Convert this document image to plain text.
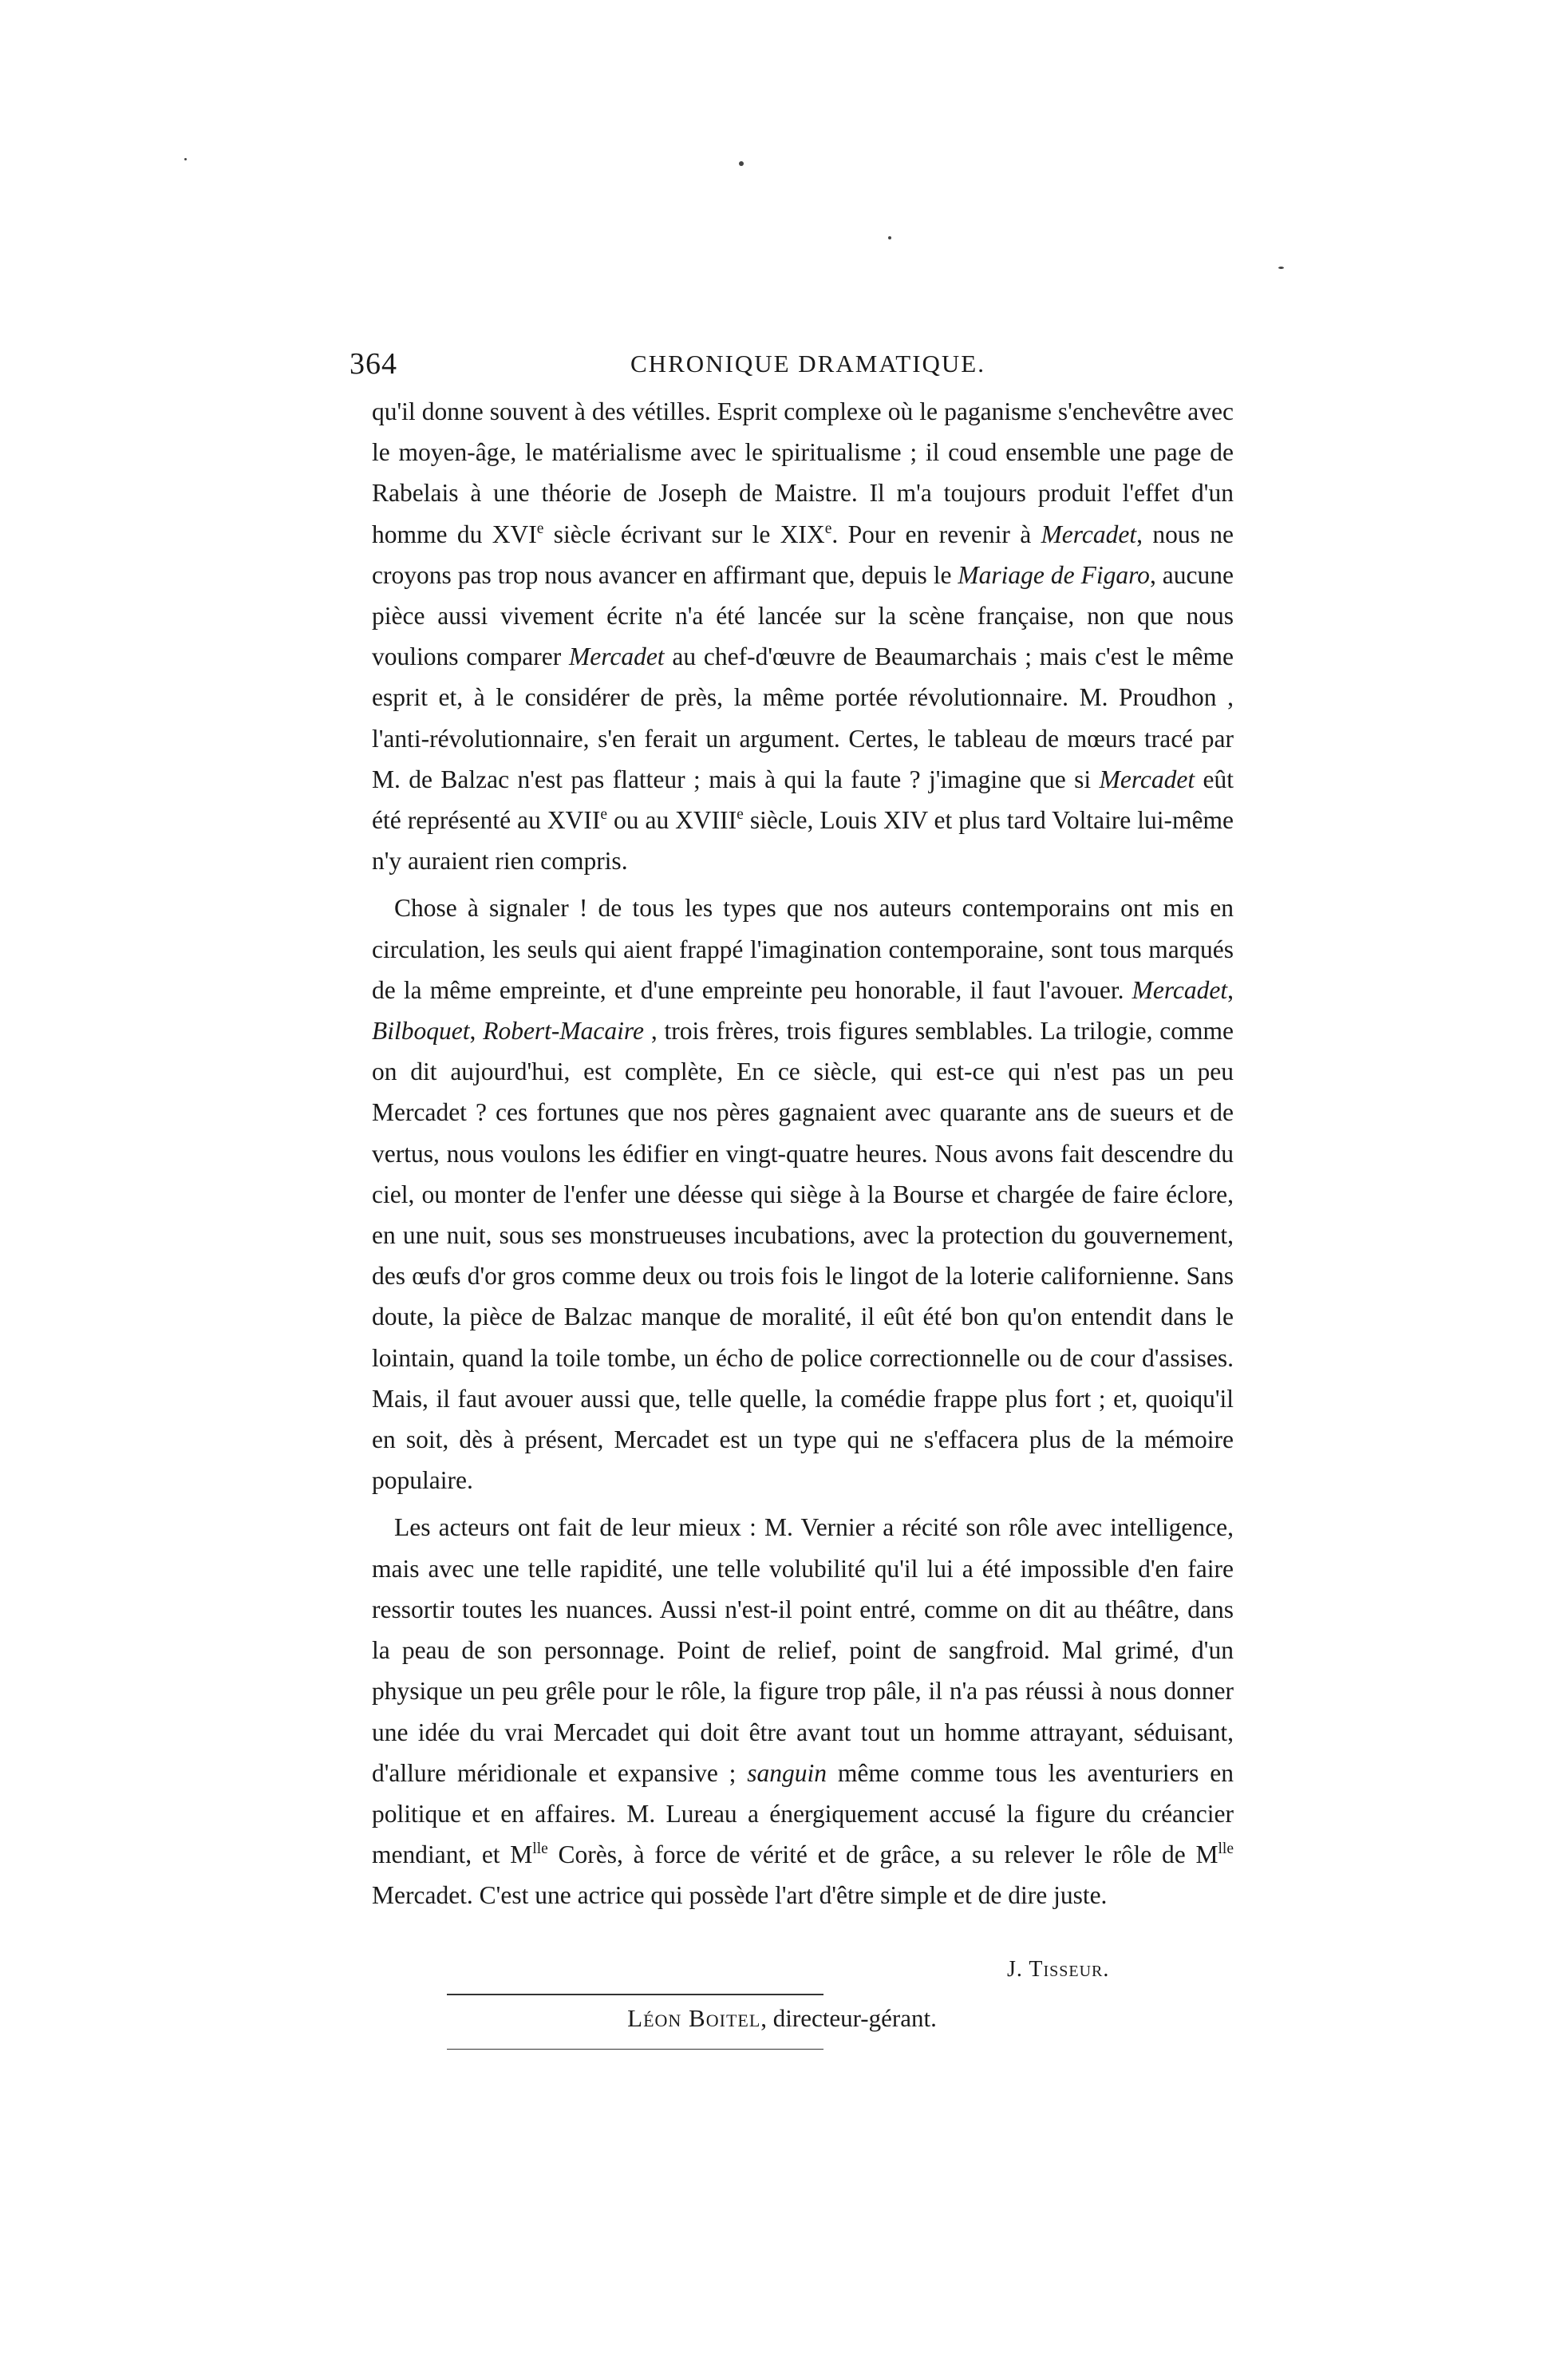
364	CHRONIQUE DRAMATIQUE.

qu'il donne souvent à des vétilles. Esprit complexe où le paganisme s'enchevêtre avec le moyen-âge, le matérialisme avec le spiritualisme ; il coud ensemble une page de Rabelais à une théorie de Joseph de Maistre. Il m'a toujours produit l'effet d'un homme du XVIe siècle écrivant sur le XIXe. Pour en revenir à Mercadet, nous ne croyons pas trop nous avancer en affirmant que, depuis le Mariage de Figaro, aucune pièce aussi vivement écrite n'a été lancée sur la scène française, non que nous voulions comparer Mercadet au chef-d'œuvre de Beaumarchais ; mais c'est le même esprit et, à le considérer de près, la même portée révolutionnaire. M. Proudhon , l'anti-révolutionnaire, s'en ferait un argument. Certes, le tableau de mœurs tracé par M. de Balzac n'est pas flatteur ; mais à qui la faute ? j'imagine que si Mercadet eût été représenté au XVIIe ou au XVIIIe siècle, Louis XIV et plus tard Voltaire lui-même n'y auraient rien compris.

Chose à signaler ! de tous les types que nos auteurs contemporains ont mis en circulation, les seuls qui aient frappé l'imagination contemporaine, sont tous marqués de la même empreinte, et d'une empreinte peu honorable, il faut l'avouer. Mercadet, Bilboquet, Robert-Macaire , trois frères, trois figures semblables. La trilogie, comme on dit aujourd'hui, est complète, En ce siècle, qui est-ce qui n'est pas un peu Mercadet ? ces fortunes que nos pères gagnaient avec quarante ans de sueurs et de vertus, nous voulons les édifier en vingt-quatre heures. Nous avons fait descendre du ciel, ou monter de l'enfer une déesse qui siège à la Bourse et chargée de faire éclore, en une nuit, sous ses monstrueuses incubations, avec la protection du gouvernement, des œufs d'or gros comme deux ou trois fois le lingot de la loterie californienne. Sans doute, la pièce de Balzac manque de moralité, il eût été bon qu'on entendit dans le lointain, quand la toile tombe, un écho de police correctionnelle ou de cour d'assises. Mais, il faut avouer aussi que, telle quelle, la comédie frappe plus fort ; et, quoiqu'il en soit, dès à présent, Mercadet est un type qui ne s'effacera plus de la mémoire populaire.

Les acteurs ont fait de leur mieux : M. Vernier a récité son rôle avec intelligence, mais avec une telle rapidité, une telle volubilité qu'il lui a été impossible d'en faire ressortir toutes les nuances. Aussi n'est-il point entré, comme on dit au théâtre, dans la peau de son personnage. Point de relief, point de sangfroid. Mal grimé, d'un physique un peu grêle pour le rôle, la figure trop pâle, il n'a pas réussi à nous donner une idée du vrai Mercadet qui doit être avant tout un homme attrayant, séduisant, d'allure méridionale et expansive ; sanguin même comme tous les aventuriers en politique et en affaires. M. Lureau a énergiquement accusé la figure du créancier mendiant, et $M^{lle}$ Corès, à force de vérité et de grâce, a su relever le rôle de $M^{lle}$ Mercadet. C'est une actrice qui possède l'art d'être simple et de dire juste.

J. Tisseur.
Léon Boitel, directeur-gérant.
